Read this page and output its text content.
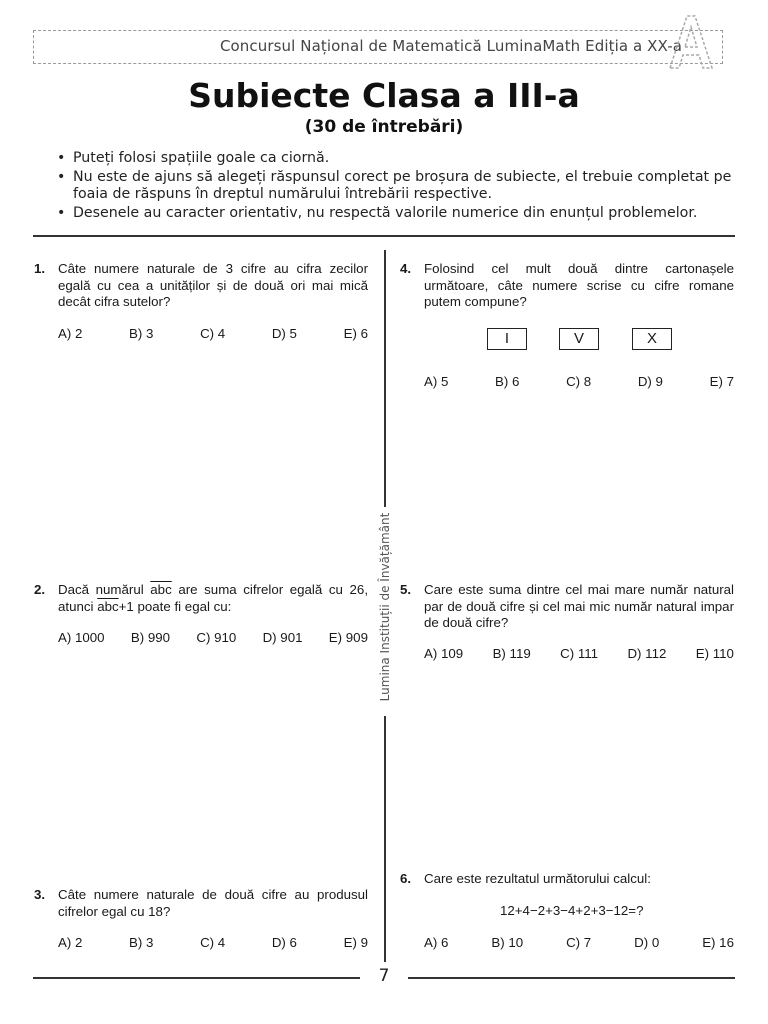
Concursul Național de Matematică LuminaMath Ediția a XX-a
A
Subiecte Clasa a III-a
(30 de întrebări)
• Puteți folosi spațiile goale ca ciornă.
• Nu este de ajuns să alegeți răspunsul corect pe broșura de subiecte, el trebuie completat pe foaia de răspuns în dreptul numărului întrebării respective.
• Desenele au caracter orientativ, nu respectă valorile numerice din enunțul problemelor.
Lumina Instituții de Învățământ
1. Câte numere naturale de 3 cifre au cifra zecilor egală cu cea a unităților și de două ori mai mică decât cifra sutelor?
A) 2	B) 3	C) 4	D) 5	E) 6
2. Dacă numărul $\overline{abc}$ are suma cifrelor egală cu 26, atunci $\overline{abc}+1$ poate fi egal cu:
A) 1000 B) 990 C) 910 D) 901 E) 909
3. Câte numere naturale de două cifre au produsul cifrelor egal cu 18?
A) 2	B) 3	C) 4	D) 6	E) 9
4. Folosind cel mult două dintre cartonașele următoare, câte numere scrise cu cifre romane putem compune?
I	V	X
A) 5	B) 6	C) 8	D) 9	E) 7
5. Care este suma dintre cel mai mare număr natural par de două cifre și cel mai mic număr natural impar de două cifre?
A) 109 B) 119 C) 111 D) 112 E) 110
6. Care este rezultatul următorului calcul:
12+4−2+3−4+2+3−12=?
A) 6	B) 10	C) 7	D) 0	E) 16
7
